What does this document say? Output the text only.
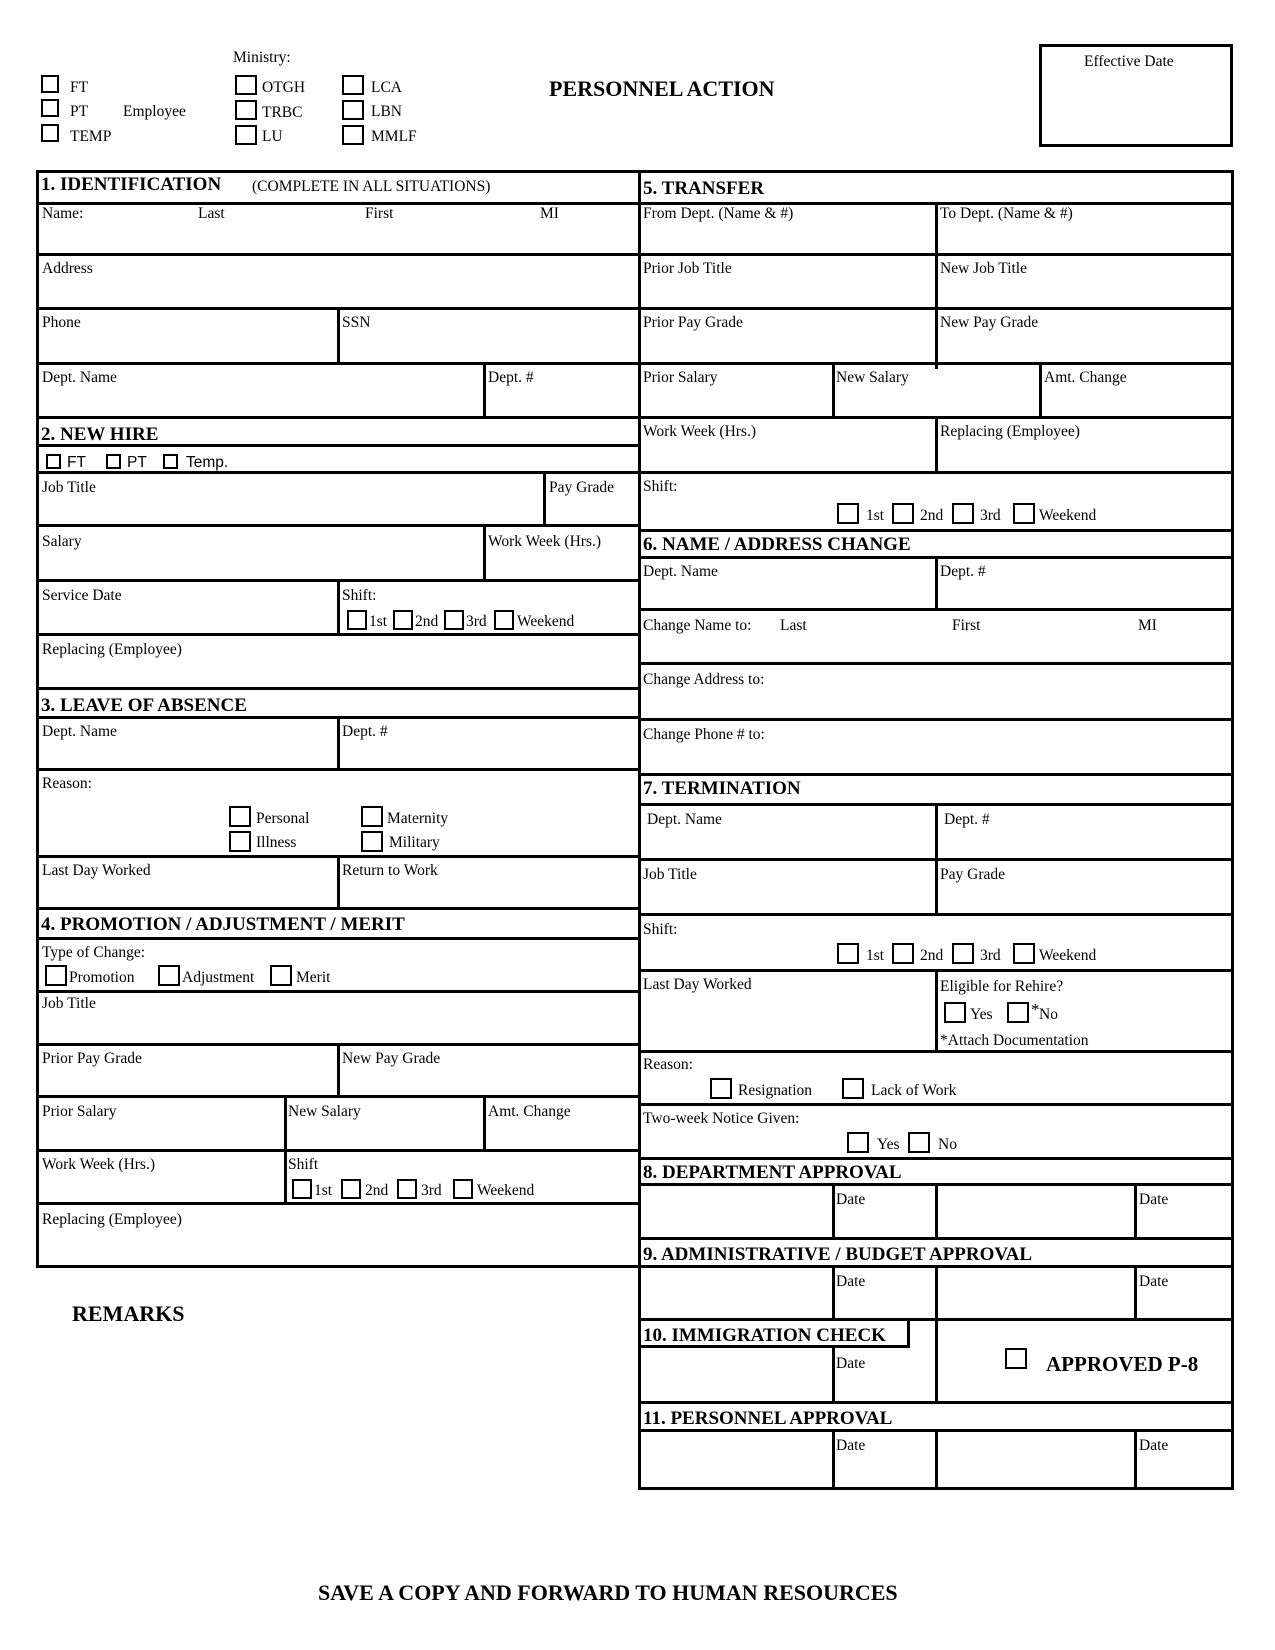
Ministry:
FT
PT
TEMP
Employee
OTGH
TRBC
LU
LCA
LBN
MMLF
PERSONNEL ACTION
Effective Date
1. IDENTIFICATION (COMPLETE IN ALL SITUATIONS)
Name:	Last	First	MI
Address
Phone	SSN
Dept. Name	Dept. #
2. NEW HIRE
FT	PT	Temp.
Job Title	Pay Grade
Salary	Work Week (Hrs.)
Service Date	Shift:
1st 2nd 3rd Weekend
Replacing (Employee)
3. LEAVE OF ABSENCE
Dept. Name	Dept. #
Reason:
Personal	Maternity
Illness	Military
Last Day Worked	Return to Work
4. PROMOTION / ADJUSTMENT / MERIT
Type of Change:
Promotion	Adjustment	Merit
Job Title
Prior Pay Grade	New Pay Grade
Prior Salary	New Salary	Amt. Change
Work Week (Hrs.)	Shift
1st 2nd 3rd Weekend
Replacing (Employee)
REMARKS
5. TRANSFER
From Dept. (Name & #)	To Dept. (Name & #)
Prior Job Title	New Job Title
Prior Pay Grade	New Pay Grade
Prior Salary	New Salary	Amt. Change
Work Week (Hrs.)	Replacing (Employee)
Shift:
1st 2nd 3rd Weekend
6. NAME / ADDRESS CHANGE
Dept. Name	Dept. #
Change Name to: Last	First	MI
Change Address to:
Change Phone # to:
7. TERMINATION
Dept. Name	Dept. #
Job Title	Pay Grade
Shift:
1st 2nd 3rd Weekend
Last Day Worked	Eligible for Rehire?
Yes * No
*Attach Documentation
Reason:
Resignation	Lack of Work
Two-week Notice Given:
Yes No
8. DEPARTMENT APPROVAL
Date	Date
9. ADMINISTRATIVE / BUDGET APPROVAL
Date	Date
10. IMMIGRATION CHECK
Date	APPROVED P-8
11. PERSONNEL APPROVAL
Date	Date
SAVE A COPY AND FORWARD TO HUMAN RESOURCES
